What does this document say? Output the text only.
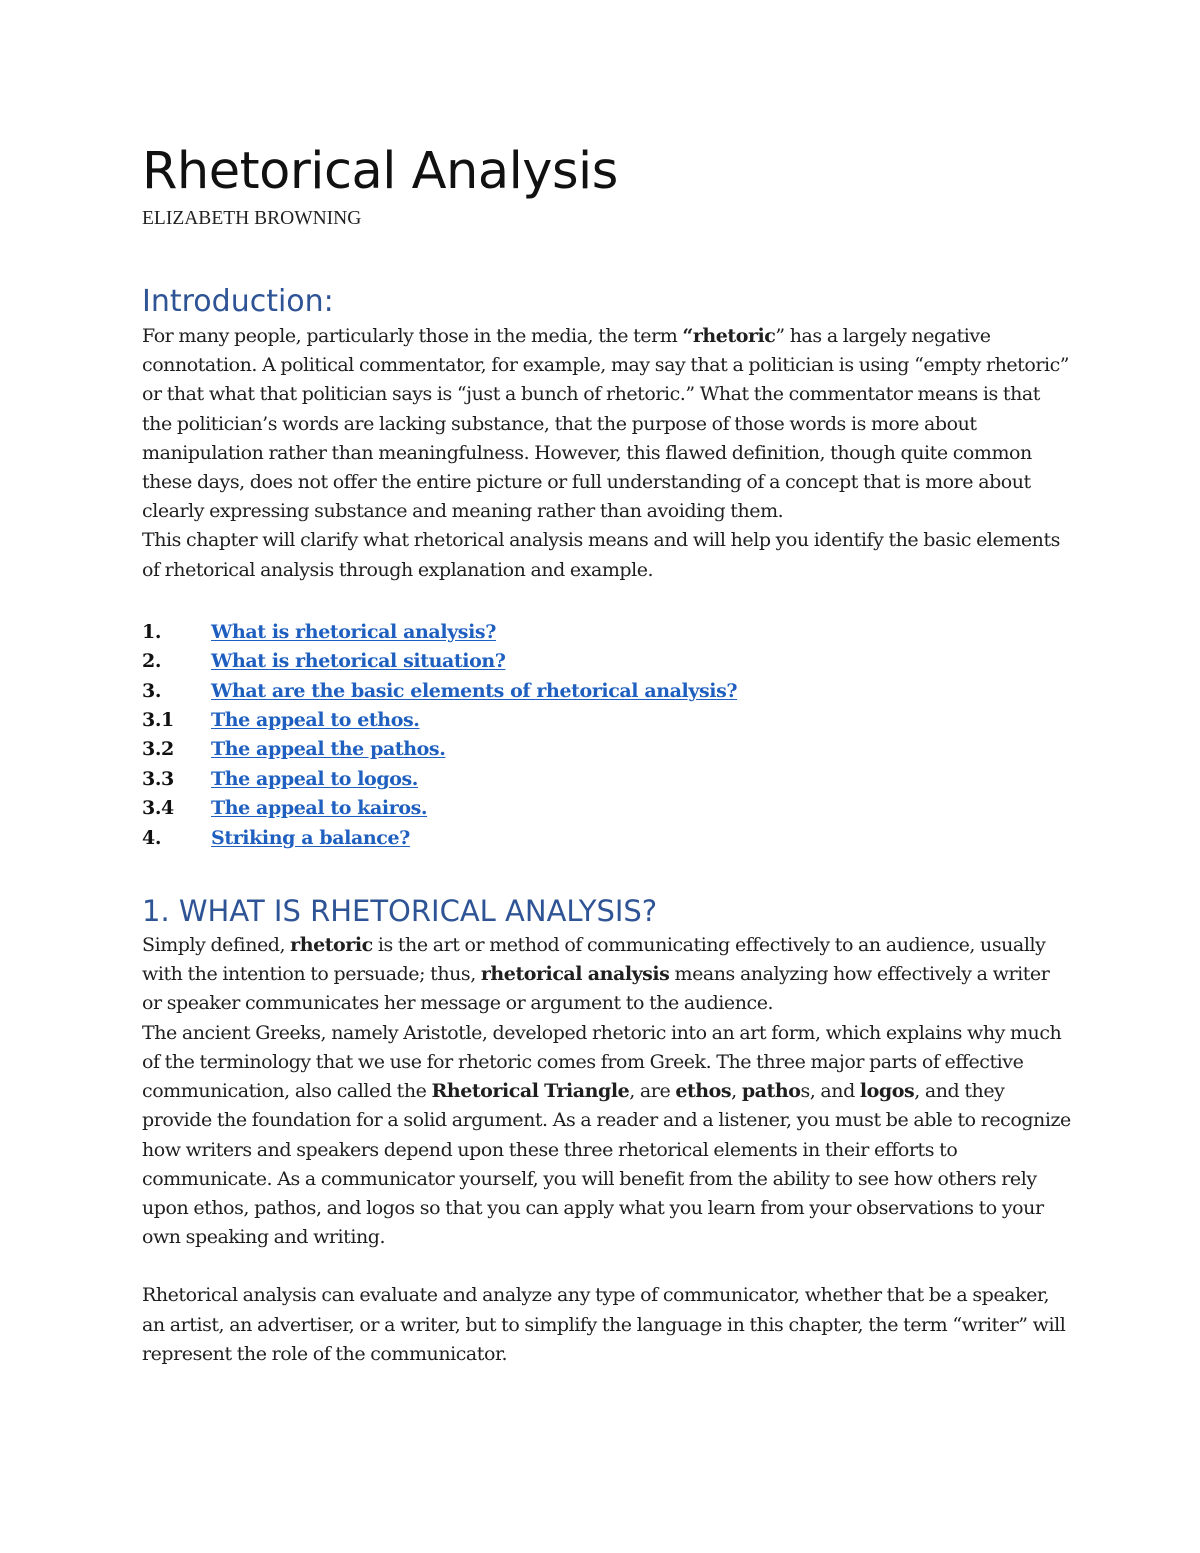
Rhetorical Analysis
ELIZABETH BROWNING
Introduction:

For many people, particularly those in the media, the term “rhetoric” has a largely negative connotation. A political commentator, for example, may say that a politician is using “empty rhetoric” or that what that politician says is “just a bunch of rhetoric.” What the commentator means is that the politician’s words are lacking substance, that the purpose of those words is more about manipulation rather than meaningfulness. However, this flawed definition, though quite common these days, does not offer the entire picture or full understanding of a concept that is more about clearly expressing substance and meaning rather than avoiding them.

This chapter will clarify what rhetorical analysis means and will help you identify the basic elements of rhetorical analysis through explanation and example.

1.	What is rhetorical analysis?
2.	What is rhetorical situation?
3.	What are the basic elements of rhetorical analysis?
3.1	The appeal to ethos.
3.2	The appeal the pathos.
3.3	The appeal to logos.
3.4	The appeal to kairos.
4.	Striking a balance?
1. WHAT IS RHETORICAL ANALYSIS?

Simply defined, rhetoric is the art or method of communicating effectively to an audience, usually with the intention to persuade; thus, rhetorical analysis means analyzing how effectively a writer or speaker communicates her message or argument to the audience.

The ancient Greeks, namely Aristotle, developed rhetoric into an art form, which explains why much of the terminology that we use for rhetoric comes from Greek. The three major parts of effective communication, also called the Rhetorical Triangle, are ethos, pathos, and logos, and they provide the foundation for a solid argument. As a reader and a listener, you must be able to recognize how writers and speakers depend upon these three rhetorical elements in their efforts to communicate. As a communicator yourself, you will benefit from the ability to see how others rely upon ethos, pathos, and logos so that you can apply what you learn from your observations to your own speaking and writing.

Rhetorical analysis can evaluate and analyze any type of communicator, whether that be a speaker, an artist, an advertiser, or a writer, but to simplify the language in this chapter, the term “writer” will represent the role of the communicator.
